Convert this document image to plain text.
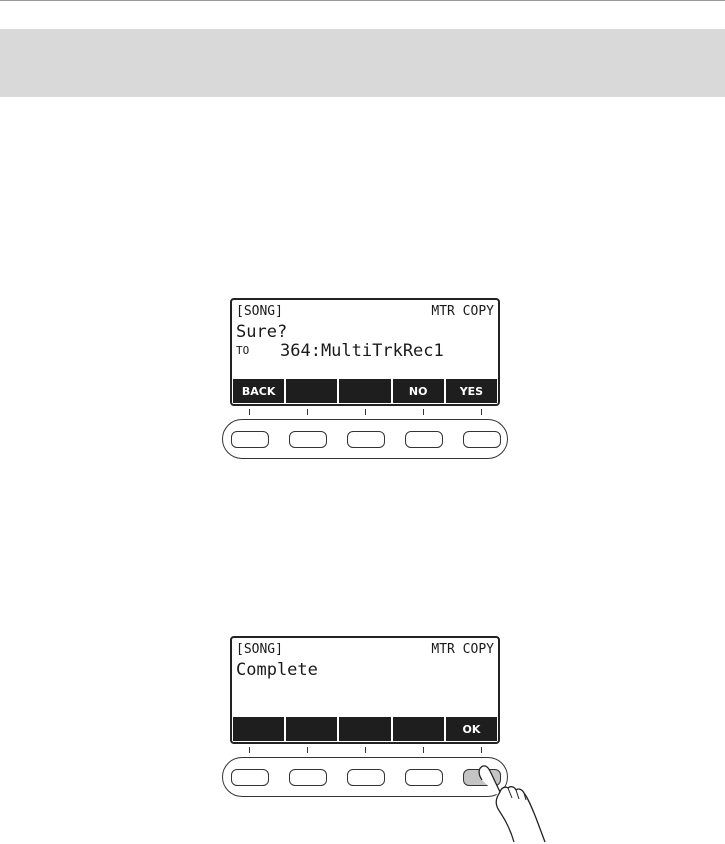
[SONG]	MTR COPY
Sure?
TO 364:MultiTrkRec1
BACK	NO	YES
[SONG]	MTR COPY
Complete
OK
